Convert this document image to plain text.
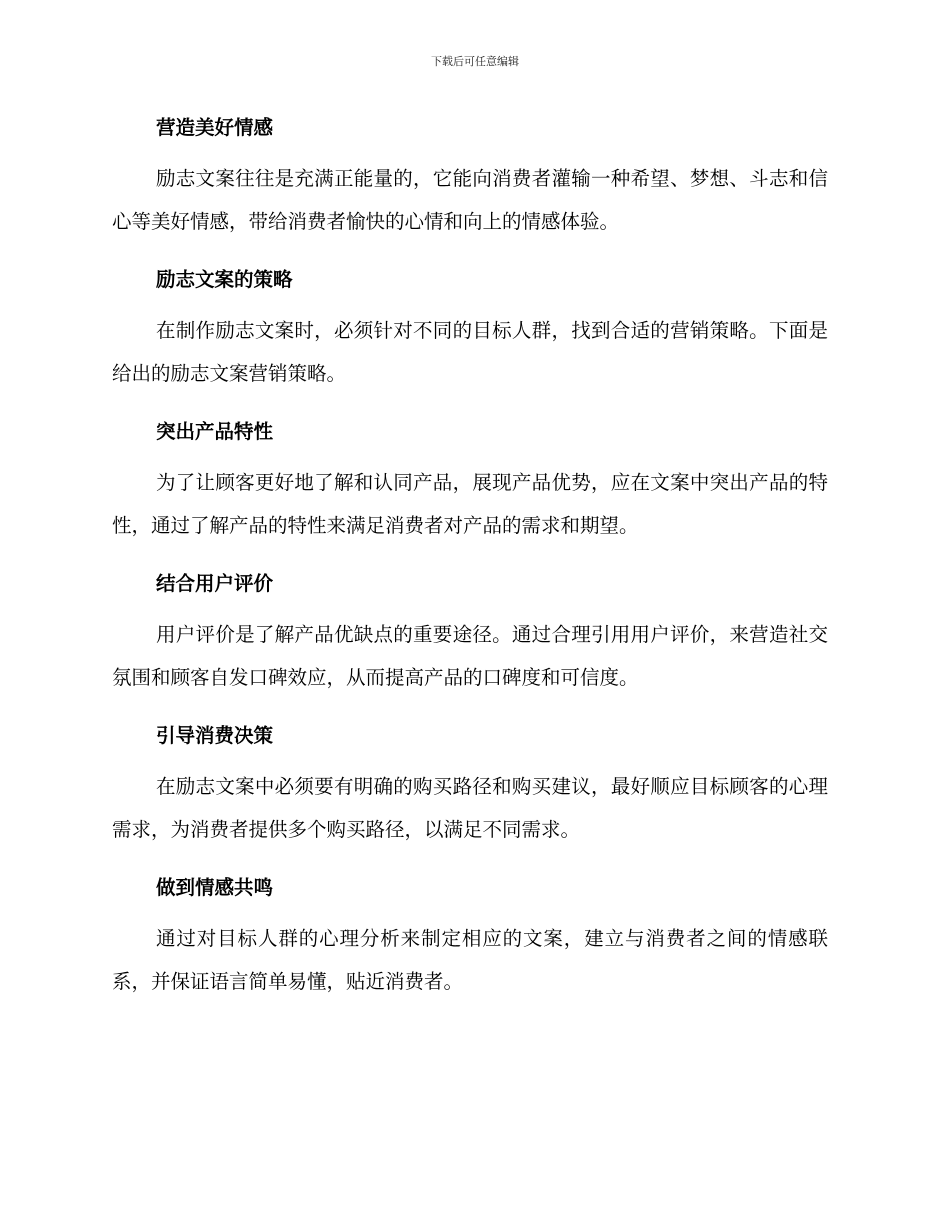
下载后可任意编辑
营造美好情感
励志文案往往是充满正能量的，它能向消费者灌输一种希望、梦想、斗志和信心等美好情感，带给消费者愉快的心情和向上的情感体验。
励志文案的策略
在制作励志文案时，必须针对不同的目标人群，找到合适的营销策略。下面是给出的励志文案营销策略。
突出产品特性
为了让顾客更好地了解和认同产品，展现产品优势，应在文案中突出产品的特性，通过了解产品的特性来满足消费者对产品的需求和期望。
结合用户评价
用户评价是了解产品优缺点的重要途径。通过合理引用用户评价，来营造社交氛围和顾客自发口碑效应，从而提高产品的口碑度和可信度。
引导消费决策
在励志文案中必须要有明确的购买路径和购买建议，最好顺应目标顾客的心理需求，为消费者提供多个购买路径，以满足不同需求。
做到情感共鸣
通过对目标人群的心理分析来制定相应的文案，建立与消费者之间的情感联系，并保证语言简单易懂，贴近消费者。
